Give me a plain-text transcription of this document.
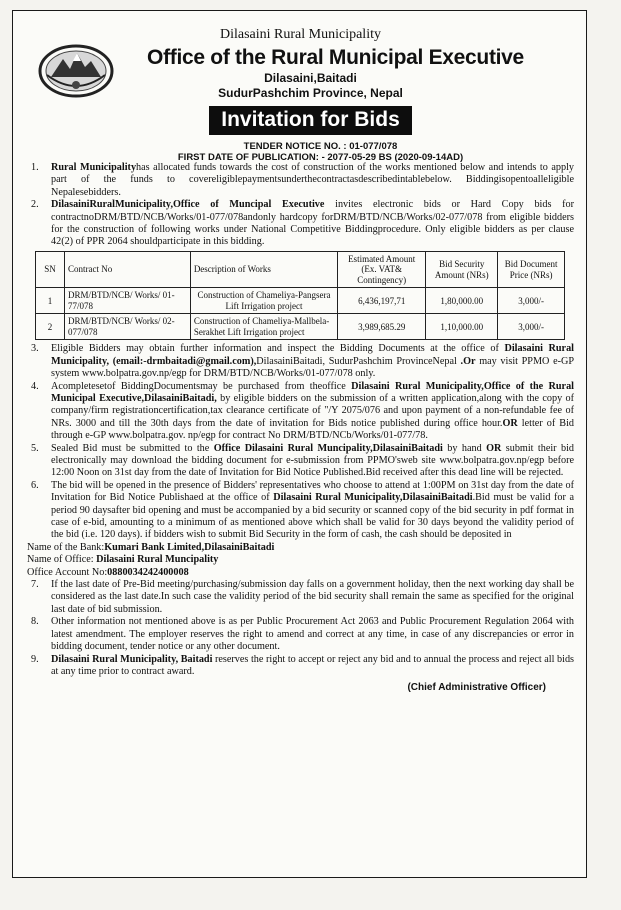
Dilasaini Rural Municipality
Office of the Rural Municipal Executive
Dilasaini,Baitadi
SudurPashchim Province, Nepal
Invitation for Bids
TENDER NOTICE NO. : 01-077/078
FIRST DATE OF PUBLICATION: - 2077-05-29 BS (2020-09-14AD)
1.	Rural Municipalityhas allocated funds towards the cost of construction of the works mentioned below and intends to apply part of the funds to covereligiblepaymentsunderthecontractasdescribedintablebelow. Biddingisopentoalleligible Nepalesebidders.
2.	DilasainiRuralMunicipality,Office of Muncipal Executive invites electronic bids or Hard Copy bids for contractnoDRM/BTD/NCB/Works/01-077/078andonly hardcopy forDRM/BTD/NCB/Works/02-077/078 from eligible bidders for the construction of following works under National Competitive Biddingprocedure. Only eligible bidders as per clause 42(2) of PPR 2064 shouldparticipate in this bidding.
SN	Contract No	Description of Works	Estimated Amount (Ex. VAT& Contingency)	Bid Security Amount (NRs)	Bid Document Price (NRs)
1	DRM/BTD/NCB/ Works/ 01-77/078	Construction of Chameliya-Pangsera Lift Irrigation project	6,436,197,71	1,80,000.00	3,000/-
2	DRM/BTD/NCB/ Works/ 02-077/078	Construction of Chameliya-Mallbela-Serakhet Lift Irrigation project	3,989,685.29	1,10,000.00	3,000/-
3.	Eligible Bidders may obtain further information and inspect the Bidding Documents at the office of Dilasaini Rural Municipality, (email:-drmbaitadi@gmail.com),DilasainiBaitadi, SudurPashchim ProvinceNepal .Or may visit PPMO e-GP system www.bolpatra.gov.np/egp for DRM/BTD/NCB/Works/01-077/078 only.
4.	Acompletesetof BiddingDocumentsmay be purchased from theoffice Dilasaini Rural Municipality,Office of the Rural Municipal Executive,DilasainiBaitadi, by eligible bidders on the submission of a written application,along with the copy of company/firm registrationcertification,tax clearance certificate of "/Y 2075/076 and upon payment of a non-refundable fee of NRs. 3000 and till the 30th days from the date of invitation for Bids notice published during office hour.OR letter of Bid through e-GP www.bolpatra.gov. np/egp for contract No DRM/BTD/NCb/Works/01-077/78.
5.	Sealed Bid must be submitted to the Office Dilasaini Rural Muncipality,DilasainiBaitadi by hand OR submit their bid electronically may download the bidding document for e-submission from PPMO'sweb site www.bolpatra.gov.np/egp before 12:00 Noon on 31st day from the date of Invitation for Bid Notice Published.Bid received after this dead line will be rejected.
6.	The bid will be opened in the presence of Bidders' representatives who choose to attend at 1:00PM on 31st day from the date of Invitation for Bid Notice Publishaed at the office of Dilasaini Rural Municipality,DilasainiBaitadi.Bid must be valid for a period 90 daysafter bid opening and must be accompanied by a bid security or scanned copy of the bid security in pdf format in case of e-bid, amounting to a minimum of as mentioned above which shall be valid for 30 days beyond the validity period of the bid (i.e. 120 days). if bidders wish to submit Bid Security in the form of cash, the cash should be deposited in
Name of the Bank:Kumari Bank Limited,DilasainiBaitadi
Name of Office: Dilasaini Rural Muncipality
Office Account No:0880034242400008
7.	If the last date of Pre-Bid meeting/purchasing/submission day falls on a government holiday, then the next working day shall be considered as the last date.In such case the validity period of the bid security shall remain the same as specified for the original last date of bid submission.
8.	Other information not mentioned above is as per Public Procurement Act 2063 and Public Procurement Regulation 2064 with latest amendment. The employer reserves the right to amend and correct at any time, in case of any discrepancies or error in bidding document, tender notice or any other document.
9.	Dilasaini Rural Municipality, Baitadi reserves the right to accept or reject any bid and to annual the process and reject all bids at any time prior to contract award.
(Chief Administrative Officer)
